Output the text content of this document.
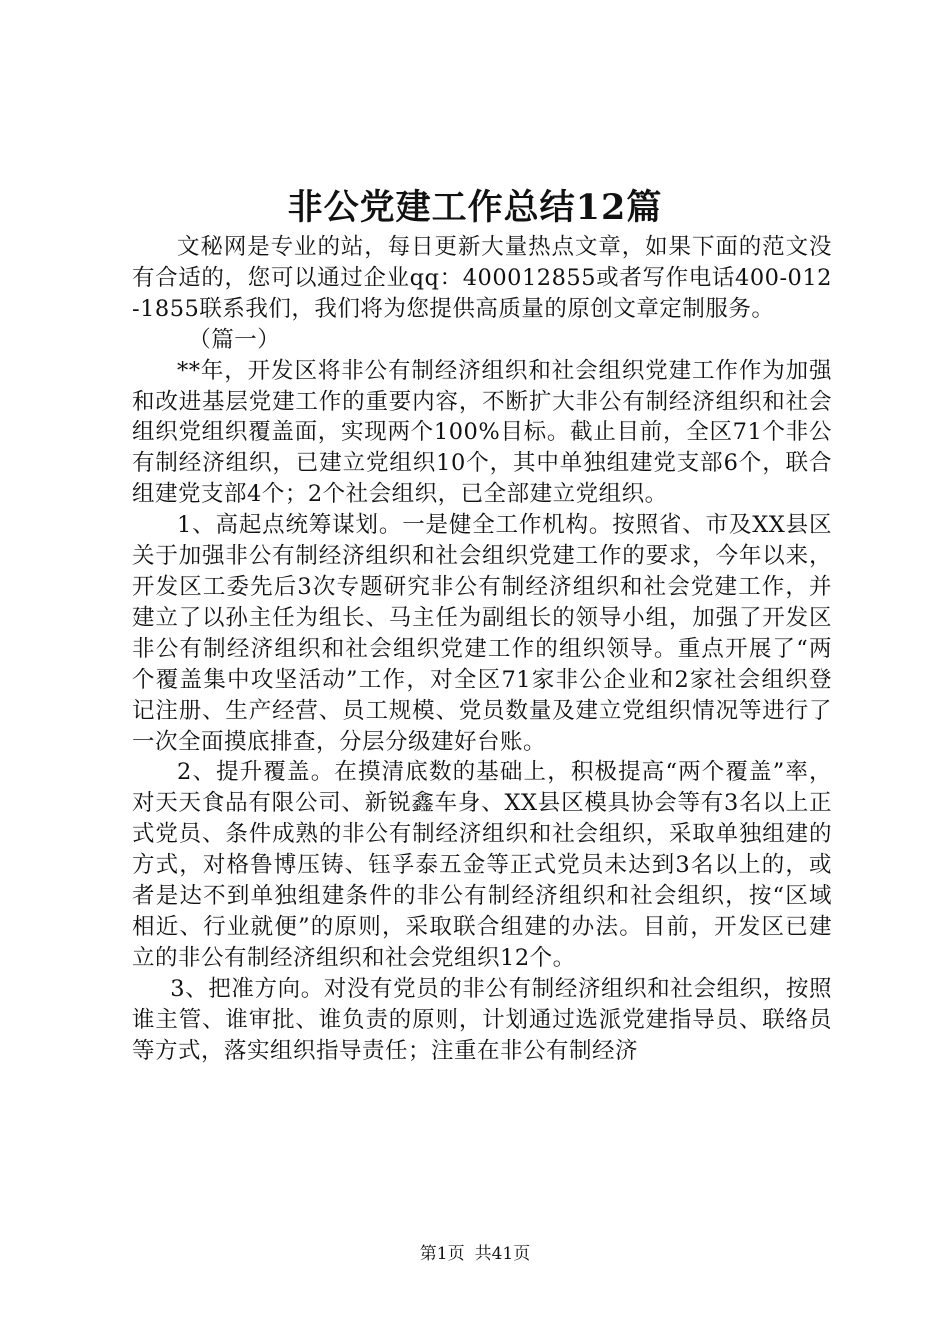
非公党建工作总结12篇

文秘网是专业的站，每日更新大量热点文章，如果下面的范文没有合适的，您可以通过企业qq：400012855或者写作电话400-012-1855联系我们，我们将为您提供高质量的原创文章定制服务。

（篇一）

**年，开发区将非公有制经济组织和社会组织党建工作作为加强和改进基层党建工作的重要内容，不断扩大非公有制经济组织和社会组织党组织覆盖面，实现两个100%目标。截止目前，全区71个非公有制经济组织，已建立党组织10个，其中单独组建党支部6个，联合组建党支部4个；2个社会组织，已全部建立党组织。

1、高起点统筹谋划。一是健全工作机构。按照省、市及XX县区关于加强非公有制经济组织和社会组织党建工作的要求，今年以来，开发区工委先后3次专题研究非公有制经济组织和社会党建工作，并建立了以孙主任为组长、马主任为副组长的领导小组，加强了开发区非公有制经济组织和社会组织党建工作的组织领导。重点开展了“两个覆盖集中攻坚活动”工作，对全区71家非公企业和2家社会组织登记注册、生产经营、员工规模、党员数量及建立党组织情况等进行了一次全面摸底排查，分层分级建好台账。

2、提升覆盖。在摸清底数的基础上，积极提高“两个覆盖”率，对天天食品有限公司、新锐鑫车身、XX县区模具协会等有3名以上正式党员、条件成熟的非公有制经济组织和社会组织，采取单独组建的方式，对格鲁博压铸、钰孚泰五金等正式党员未达到3名以上的，或者是达不到单独组建条件的非公有制经济组织和社会组织，按“区域相近、行业就便”的原则，采取联合组建的办法。目前，开发区已建立的非公有制经济组织和社会党组织12个。

3、把准方向。对没有党员的非公有制经济组织和社会组织，按照谁主管、谁审批、谁负责的原则，计划通过选派党建指导员、联络员等方式，落实组织指导责任；注重在非公有制经济

第1页 共41页
